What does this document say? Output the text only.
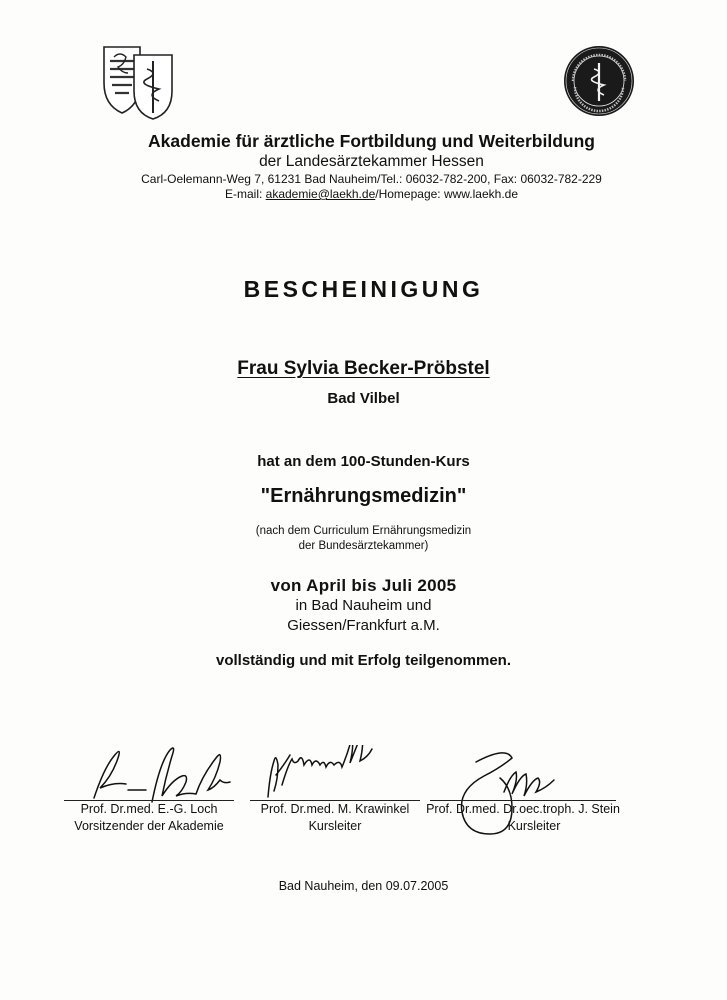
Akademie für ärztliche Fortbildung und Weiterbildung
der Landesärztekammer Hessen
Carl-Oelemann-Weg 7, 61231 Bad Nauheim/Tel.: 06032-782-200, Fax: 06032-782-229
E-mail: akademie@laekh.de/Homepage: www.laekh.de
BESCHEINIGUNG
Frau Sylvia Becker-Pröbstel
Bad Vilbel
hat an dem 100-Stunden-Kurs
"Ernährungsmedizin"
(nach dem Curriculum Ernährungsmedizin
der Bundesärztekammer)
von April bis Juli 2005
in Bad Nauheim und
Giessen/Frankfurt a.M.
vollständig und mit Erfolg teilgenommen.
Prof. Dr.med. E.-G. Loch
Vorsitzender der Akademie
Prof. Dr.med. M. Krawinkel
Kursleiter
Prof. Dr.med. Dr.oec.troph. J. Stein
Kursleiter
Bad Nauheim, den 09.07.2005
